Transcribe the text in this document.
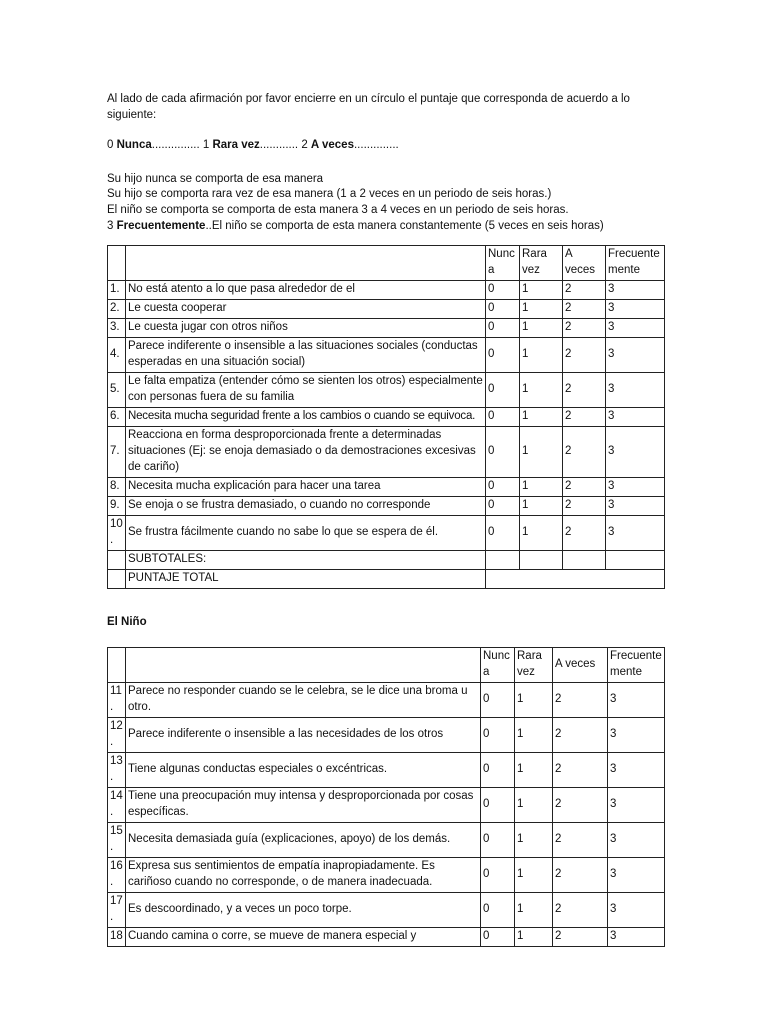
Al lado de cada afirmación por favor encierre en un círculo el puntaje que corresponda de acuerdo a lo siguiente:

0 Nunca............... 1 Rara vez............ 2 A veces..............

Su hijo nunca se comporta de esa manera

Su hijo se comporta rara vez de esa manera (1 a 2 veces en un periodo de seis horas.)

El niño se comporta se comporta de esta manera 3 a 4 veces en un periodo de seis horas.

3 Frecuentemente..El niño se comporta de esta manera constantemente (5 veces en seis horas)

		Nunca	Rara vez	A veces	Frecuente mente
1.	No está atento a lo que pasa alrededor de el	0	1	2	3
2.	Le cuesta cooperar	0	1	2	3
3.	Le cuesta jugar con otros niños	0	1	2	3
4.	Parece indiferente o insensible a las situaciones sociales (conductas esperadas en una situación social)	0	1	2	3
5.	Le falta empatiza (entender cómo se sienten los otros) especialmente con personas fuera de su familia	0	1	2	3
6.	Necesita mucha seguridad frente a los cambios o cuando se equivoca.	0	1	2	3
7.	Reacciona en forma desproporcionada frente a determinadas situaciones (Ej: se enoja demasiado o da demostraciones excesivas de cariño)	0	1	2	3
8.	Necesita mucha explicación para hacer una tarea	0	1	2	3
9.	Se enoja o se frustra demasiado, o cuando no corresponde	0	1	2	3
10.	Se frustra fácilmente cuando no sabe lo que se espera de él.	0	1	2	3
	SUBTOTALES:				
	PUNTAJE TOTAL				

El Niño

		Nunca	Rara vez	A veces	Frecuente mente
11.	Parece no responder cuando se le celebra, se le dice una broma u otro.	0	1	2	3
12.	Parece indiferente o insensible a las necesidades de los otros	0	1	2	3
13.	Tiene algunas conductas especiales o excéntricas.	0	1	2	3
14.	Tiene una preocupación muy intensa y desproporcionada por cosas específicas.	0	1	2	3
15.	Necesita demasiada guía (explicaciones, apoyo) de los demás.	0	1	2	3
16.	Expresa sus sentimientos de empatía inapropiadamente. Es cariñoso cuando no corresponde, o de manera inadecuada.	0	1	2	3
17.	Es descoordinado, y a veces un poco torpe.	0	1	2	3
18	Cuando camina o corre, se mueve de manera especial y	0	1	2	3
